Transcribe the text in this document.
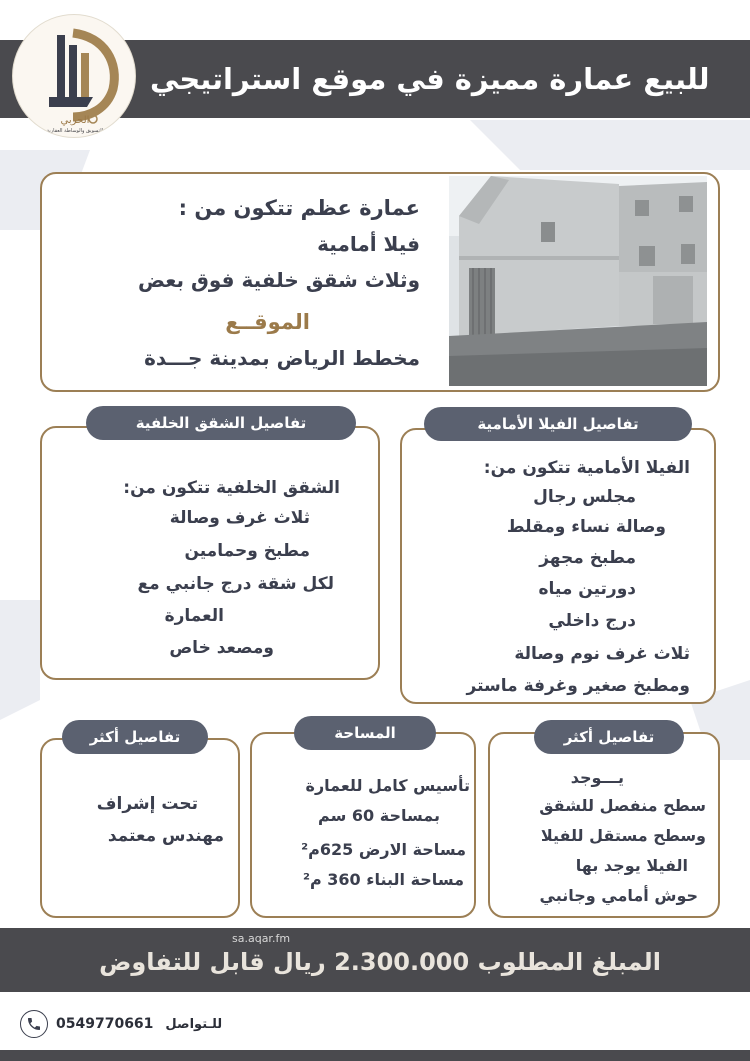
للبيع عمارة مميزة في موقع استراتيجي
الحربي
للتسويق والوساطة العقارية
عمارة عظم تتكون من :
فيلا أمامية
وثلاث شقق خلفية فوق بعض
الموقــع
مخطط الرياض بمدينة جـــدة
تفاصيل الفيلا الأمامية
الفيلا الأمامية تتكون من:
مجلس رجال
وصالة نساء ومقلط
مطبخ مجهز
دورتين مياه
درج داخلي
ثلاث غرف نوم وصالة
ومطبخ صغير وغرفة ماستر
تفاصيل الشقق الخلفية
الشقق الخلفية تتكون من:
ثلاث غرف وصالة
مطبخ وحمامين
لكل شقة درج جانبي مع
العمارة
ومصعد خاص
تفاصيل أكثر
يـــوجد
سطح منفصل للشقق
وسطح مستقل للفيلا
الفيلا يوجد بها
حوش أمامي وجانبي
المساحة
تأسيس كامل للعمارة
بمساحة 60 سم
مساحة الارض 625م²
مساحة البناء 360 م²
تفاصيل أكثر
تحت إشراف
مهندس معتمد
sa.aqar.fm
المبلغ المطلوب 2.300.000 ريال قابل للتفاوض
0549770661 للـتواصل
